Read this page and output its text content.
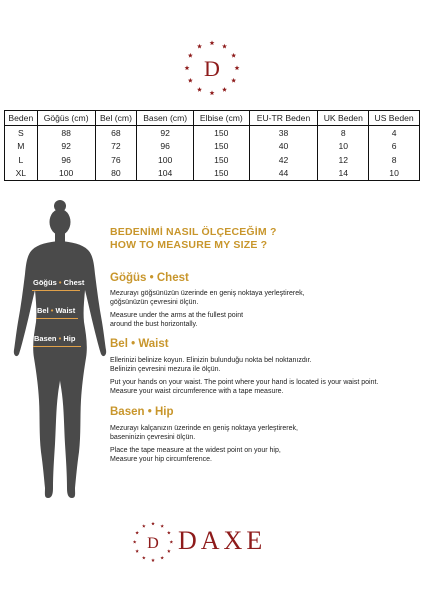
D
Beden	Göğüs (cm)	Bel (cm)	Basen (cm)	Elbise (cm)	EU-TR Beden	UK Beden	US Beden
S	88	68	92	150	38	8	4
M	92	72	96	150	40	10	6
L	96	76	100	150	42	12	8
XL	100	80	104	150	44	14	10
Göğüs • Chest
Bel • Waist
Basen • Hip
BEDENİMİ NASIL ÖLÇECEĞİM ?
HOW TO MEASURE MY SIZE ?
Göğüs • Chest
Mezurayı göğsünüzün üzerinde en geniş noktaya yerleştirerek,
göğsünüzün çevresini ölçün.
Measure under the arms at the fullest point
around the bust horizontally.
Bel • Waist
Ellerinizi belinize koyun. Elinizin bulunduğu nokta bel noktanızdır.
Belinizin çevresini mezura ile ölçün.
Put your hands on your waist. The point where your hand is located is your waist point.
Measure your waist circumference with a tape measure.
Basen • Hip
Mezurayı kalçanızın üzerinde en geniş noktaya yerleştirerek,
baseninizin çevresini ölçün.
Place the tape measure at the widest point on your hip,
Measure your hip circumference.
D DAXE
